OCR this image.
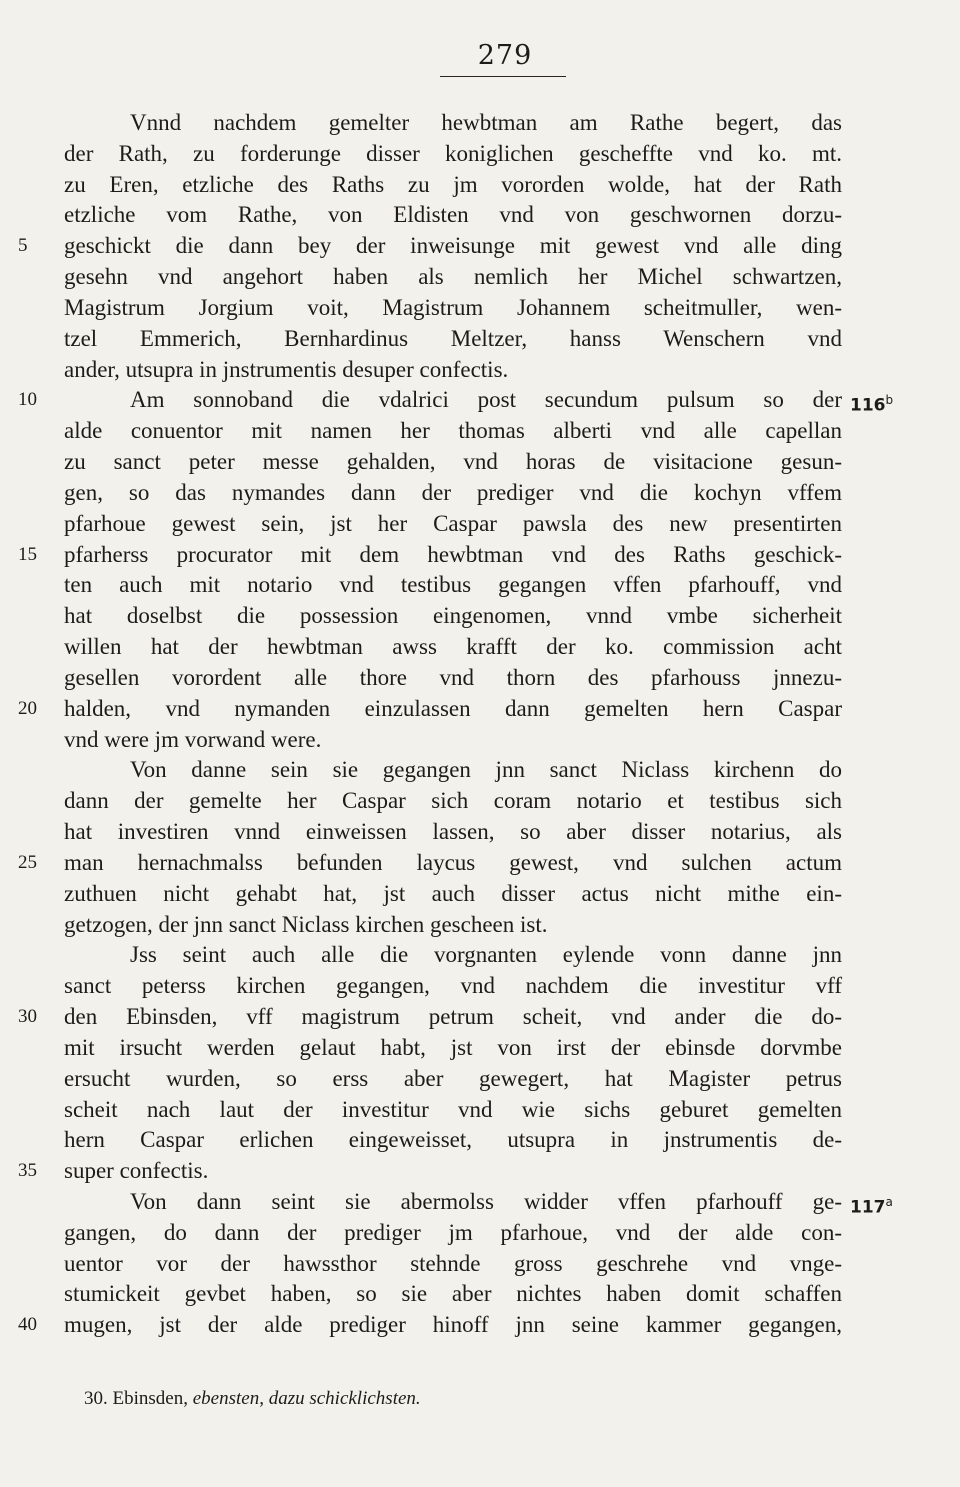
279
Vnnd nachdem gemelter hewbtman am Rathe begert, das
der Rath, zu forderunge disser koniglichen gescheffte vnd ko. mt.
zu Eren, etzliche des Raths zu jm vororden wolde, hat der Rath
etzliche vom Rathe, von Eldisten vnd von geschwornen dorzu-
geschickt die dann bey der inweisunge mit gewest vnd alle ding
5
gesehn vnd angehort haben als nemlich her Michel schwartzen,
Magistrum Jorgium voit, Magistrum Johannem scheitmuller, wen-
tzel Emmerich, Bernhardinus Meltzer, hanss Wenschern vnd
ander, utsupra in jnstrumentis desuper confectis.
Am sonnoband die vdalrici post secundum pulsum so der
10	116$^b$
alde conuentor mit namen her thomas alberti vnd alle capellan
zu sanct peter messe gehalden, vnd horas de visitacione gesun-
gen, so das nymandes dann der prediger vnd die kochyn vffem
pfarhoue gewest sein, jst her Caspar pawsla des new presentirten
pfarherss procurator mit dem hewbtman vnd des Raths geschick-
15
ten auch mit notario vnd testibus gegangen vffen pfarhouff, vnd
hat doselbst die possession eingenomen, vnnd vmbe sicherheit
willen hat der hewbtman awss krafft der ko. commission acht
gesellen vorordent alle thore vnd thorn des pfarhouss jnnezu-
halden, vnd nymanden einzulassen dann gemelten hern Caspar
20
vnd were jm vorwand were.
Von danne sein sie gegangen jnn sanct Niclass kirchenn do
dann der gemelte her Caspar sich coram notario et testibus sich
hat investiren vnnd einweissen lassen, so aber disser notarius, als
man hernachmalss befunden laycus gewest, vnd sulchen actum
25
zuthuen nicht gehabt hat, jst auch disser actus nicht mithe ein-
getzogen, der jnn sanct Niclass kirchen gescheen ist.
Jss seint auch alle die vorgnanten eylende vonn danne jnn
sanct peterss kirchen gegangen, vnd nachdem die investitur vff
den Ebinsden, vff magistrum petrum scheit, vnd ander die do-
30
mit irsucht werden gelaut habt, jst von irst der ebinsde dorvmbe
ersucht wurden, so erss aber gewegert, hat Magister petrus
scheit nach laut der investitur vnd wie sichs geburet gemelten
hern Caspar erlichen eingeweisset, utsupra in jnstrumentis de-
super confectis.
35
Von dann seint sie abermolss widder vffen pfarhouff ge- 117$^a$
gangen, do dann der prediger jm pfarhoue, vnd der alde con-
uentor vor der hawssthor stehnde gross geschrehe vnd vnge-
stumickeit gevbet haben, so sie aber nichtes haben domit schaffen
mugen, jst der alde prediger hinoff jnn seine kammer gegangen,
40
30. Ebinsden, ebensten, dazu schicklichsten.
